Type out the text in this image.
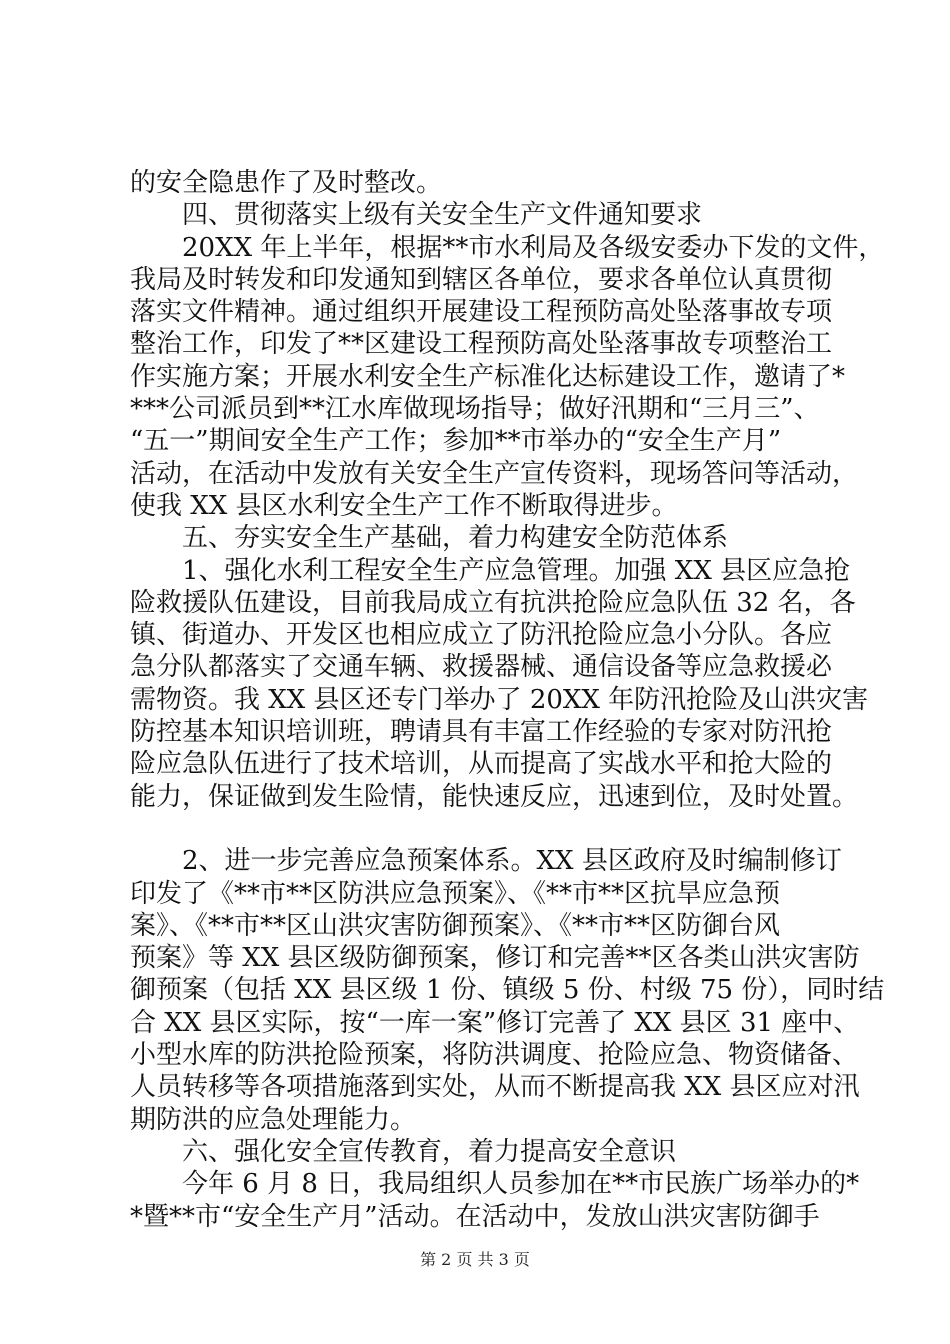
的安全隐患作了及时整改。
四、贯彻落实上级有关安全生产文件通知要求
20XX 年上半年，根据**市水利局及各级安委办下发的文件，
我局及时转发和印发通知到辖区各单位，要求各单位认真贯彻
落实文件精神。通过组织开展建设工程预防高处坠落事故专项
整治工作，印发了**区建设工程预防高处坠落事故专项整治工
作实施方案；开展水利安全生产标准化达标建设工作，邀请了*
***公司派员到**江水库做现场指导；做好汛期和“三月三”、
“五一”期间安全生产工作；参加**市举办的“安全生产月”
活动，在活动中发放有关安全生产宣传资料，现场答问等活动，
使我 XX 县区水利安全生产工作不断取得进步。
五、夯实安全生产基础，着力构建安全防范体系
1、强化水利工程安全生产应急管理。加强 XX 县区应急抢
险救援队伍建设，目前我局成立有抗洪抢险应急队伍 32 名，各
镇、街道办、开发区也相应成立了防汛抢险应急小分队。各应
急分队都落实了交通车辆、救援器械、通信设备等应急救援必
需物资。我 XX 县区还专门举办了 20XX 年防汛抢险及山洪灾害
防控基本知识培训班，聘请具有丰富工作经验的专家对防汛抢
险应急队伍进行了技术培训，从而提高了实战水平和抢大险的
能力，保证做到发生险情，能快速反应，迅速到位，及时处置。
2、进一步完善应急预案体系。XX 县区政府及时编制修订
印发了《**市**区防洪应急预案》、《**市**区抗旱应急预
案》、《**市**区山洪灾害防御预案》、《**市**区防御台风
预案》等 XX 县区级防御预案，修订和完善**区各类山洪灾害防
御预案（包括 XX 县区级 1 份、镇级 5 份、村级 75 份），同时结
合 XX 县区实际，按“一库一案”修订完善了 XX 县区 31 座中、
小型水库的防洪抢险预案，将防洪调度、抢险应急、物资储备、
人员转移等各项措施落到实处，从而不断提高我 XX 县区应对汛
期防洪的应急处理能力。
六、强化安全宣传教育，着力提高安全意识
今年 6 月 8 日，我局组织人员参加在**市民族广场举办的*
*暨**市“安全生产月”活动。在活动中，发放山洪灾害防御手
第 2 页 共 3 页
